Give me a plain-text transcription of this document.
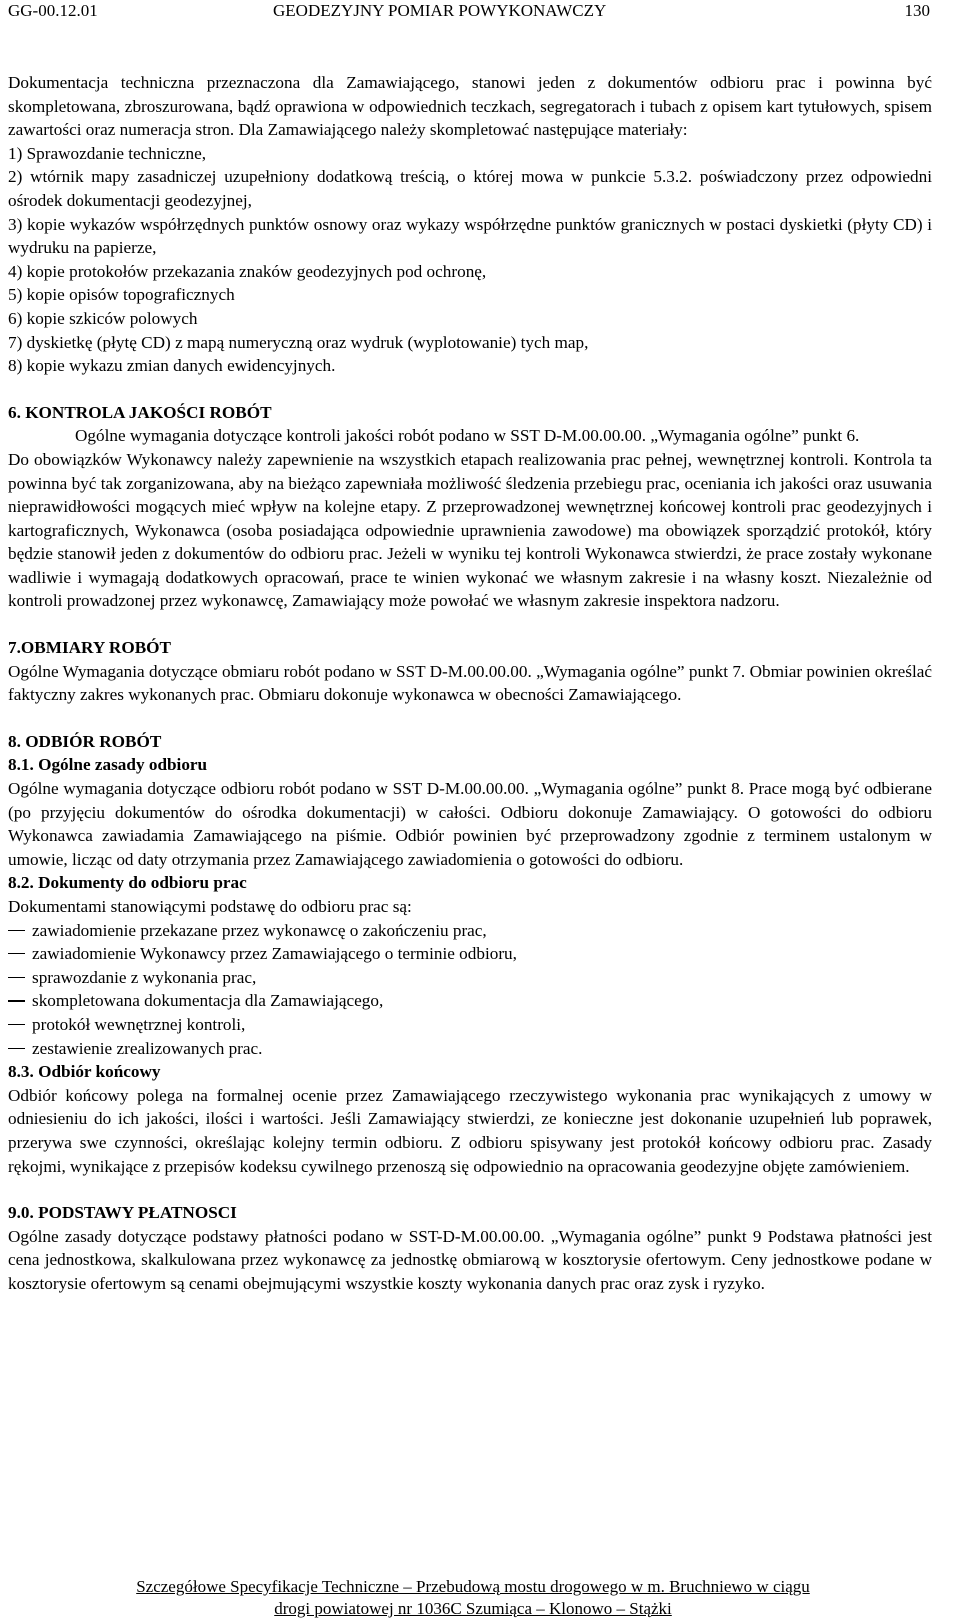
GG-00.12.01	GEODEZYJNY POMIAR POWYKONAWCZY	130

Dokumentacja techniczna przeznaczona dla Zamawiającego, stanowi jeden z dokumentów odbioru prac i powinna być skompletowana, zbroszurowana, bądź oprawiona w odpowiednich teczkach, segregatorach i tubach z opisem kart tytułowych, spisem zawartości oraz numeracja stron. Dla Zamawiającego należy skompletować następujące materiały:

1) Sprawozdanie techniczne,

2) wtórnik mapy zasadniczej uzupełniony dodatkową treścią, o której mowa w punkcie 5.3.2. poświadczony przez odpowiedni ośrodek dokumentacji geodezyjnej,

3) kopie wykazów współrzędnych punktów osnowy oraz wykazy współrzędne punktów granicznych w postaci dyskietki (płyty CD) i wydruku na papierze,

4) kopie protokołów przekazania znaków geodezyjnych pod ochronę,

5) kopie opisów topograficznych

6) kopie szkiców polowych

7) dyskietkę (płytę CD) z mapą numeryczną oraz wydruk (wyplotowanie) tych map,

8) kopie wykazu zmian danych ewidencyjnych.

6. KONTROLA JAKOŚCI ROBÓT

Ogólne wymagania dotyczące kontroli jakości robót podano w SST D-M.00.00.00. „Wymagania ogólne” punkt 6.

Do obowiązków Wykonawcy należy zapewnienie na wszystkich etapach realizowania prac pełnej, wewnętrznej kontroli. Kontrola ta powinna być tak zorganizowana, aby na bieżąco zapewniała możliwość śledzenia przebiegu prac, oceniania ich jakości oraz usuwania nieprawidłowości mogących mieć wpływ na kolejne etapy. Z przeprowadzonej wewnętrznej końcowej kontroli prac geodezyjnych i kartograficznych, Wykonawca (osoba posiadająca odpowiednie uprawnienia zawodowe) ma obowiązek sporządzić protokół, który będzie stanowił jeden z dokumentów do odbioru prac. Jeżeli w wyniku tej kontroli Wykonawca stwierdzi, że prace zostały wykonane wadliwie i wymagają dodatkowych opracowań, prace te winien wykonać we własnym zakresie i na własny koszt. Niezależnie od kontroli prowadzonej przez wykonawcę, Zamawiający może powołać we własnym zakresie inspektora nadzoru.

7.OBMIARY ROBÓT

Ogólne Wymagania dotyczące obmiaru robót podano w SST D-M.00.00.00. „Wymagania ogólne” punkt 7. Obmiar powinien określać faktyczny zakres wykonanych prac. Obmiaru dokonuje wykonawca w obecności Zamawiającego.

8. ODBIÓR ROBÓT

8.1. Ogólne zasady odbioru

Ogólne wymagania dotyczące odbioru robót podano w SST D-M.00.00.00. „Wymagania ogólne” punkt 8. Prace mogą być odbierane (po przyjęciu dokumentów do ośrodka dokumentacji) w całości. Odbioru dokonuje Zamawiający. O gotowości do odbioru Wykonawca zawiadamia Zamawiającego na piśmie. Odbiór powinien być przeprowadzony zgodnie z terminem ustalonym w umowie, licząc od daty otrzymania przez Zamawiającego zawiadomienia o gotowości do odbioru.

8.2. Dokumenty do odbioru prac

Dokumentami stanowiącymi podstawę do odbioru prac są:

zawiadomienie przekazane przez wykonawcę o zakończeniu prac,
zawiadomienie Wykonawcy przez Zamawiającego o terminie odbioru,
sprawozdanie z wykonania prac,
skompletowana dokumentacja dla Zamawiającego,
protokół wewnętrznej kontroli,
zestawienie zrealizowanych prac.

8.3. Odbiór końcowy

Odbiór końcowy polega na formalnej ocenie przez Zamawiającego rzeczywistego wykonania prac wynikających z umowy w odniesieniu do ich jakości, ilości i wartości. Jeśli Zamawiający stwierdzi, ze konieczne jest dokonanie uzupełnień lub poprawek, przerywa swe czynności, określając kolejny termin odbioru. Z odbioru spisywany jest protokół końcowy odbioru prac. Zasady rękojmi, wynikające z przepisów kodeksu cywilnego przenoszą się odpowiednio na opracowania geodezyjne objęte zamówieniem.

9.0. PODSTAWY PŁATNOSCI

Ogólne zasady dotyczące podstawy płatności podano w SST-D-M.00.00.00. „Wymagania ogólne” punkt 9 Podstawa płatności jest cena jednostkowa, skalkulowana przez wykonawcę za jednostkę obmiarową w kosztorysie ofertowym. Ceny jednostkowe podane w kosztorysie ofertowym są cenami obejmującymi wszystkie koszty wykonania danych prac oraz zysk i ryzyko.

Szczegółowe Specyfikacje Techniczne – Przebudową mostu drogowego w m. Bruchniewo w ciągu
drogi powiatowej nr 1036C Szumiąca – Klonowo – Stążki
